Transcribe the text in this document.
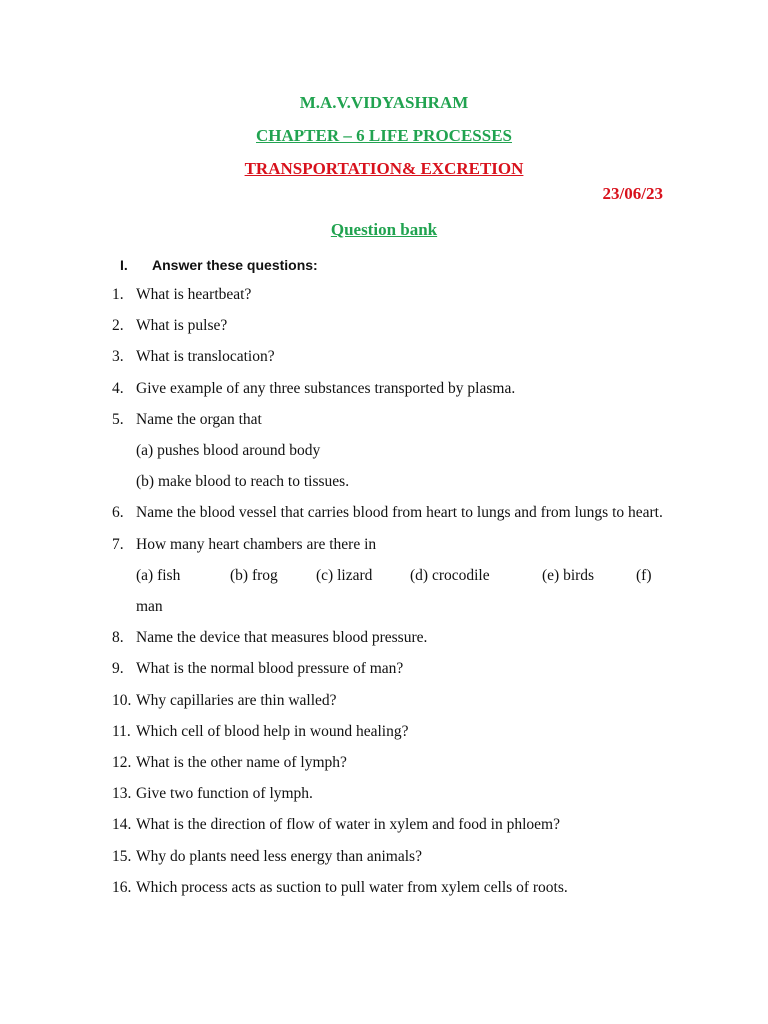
M.A.V.VIDYASHRAM

CHAPTER – 6 LIFE PROCESSES

TRANSPORTATION& EXCRETION

23/06/23

Question bank

I. Answer these questions:
1. What is heartbeat?
2. What is pulse?
3. What is translocation?
4. Give example of any three substances transported by plasma.
5. Name the organ that
(a) pushes blood around body
(b) make blood to reach to tissues.
6. Name the blood vessel that carries blood from heart to lungs and from lungs to heart.
7. How many heart chambers are there in
(a) fish	(b) frog	(c) lizard	(d) crocodile	(e) birds	(f)
man
8. Name the device that measures blood pressure.
9. What is the normal blood pressure of man?
10. Why capillaries are thin walled?
11. Which cell of blood help in wound healing?
12. What is the other name of lymph?
13. Give two function of lymph.
14. What is the direction of flow of water in xylem and food in phloem?
15. Why do plants need less energy than animals?
16. Which process acts as suction to pull water from xylem cells of roots.
